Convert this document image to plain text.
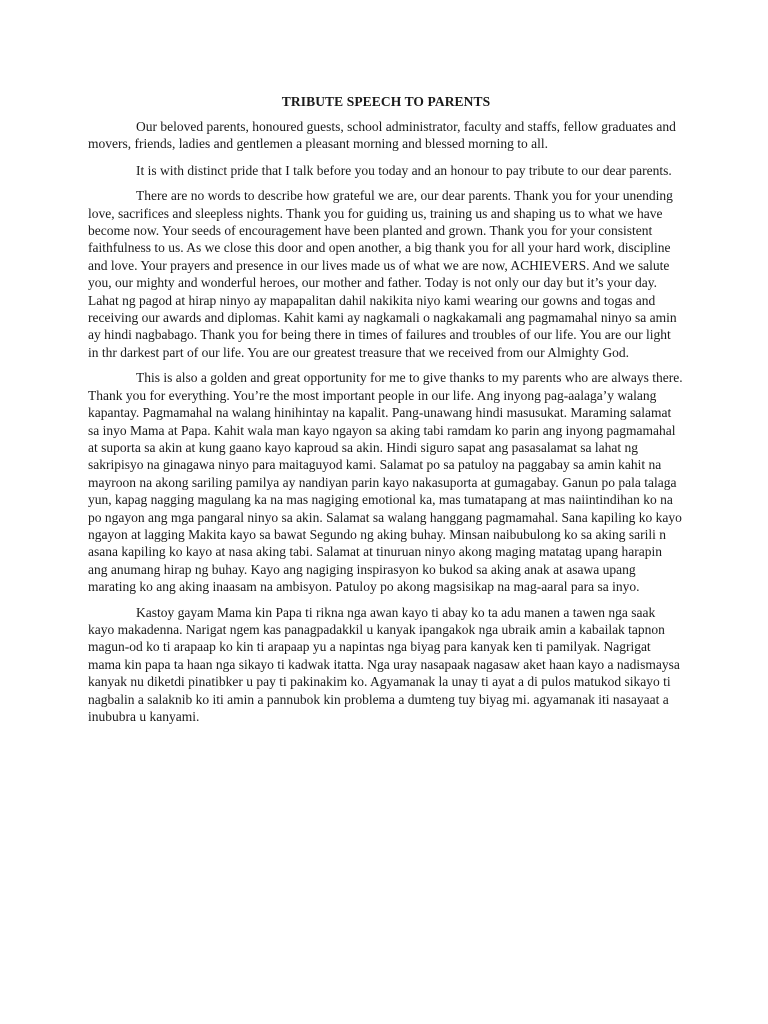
TRIBUTE SPEECH TO PARENTS

Our beloved parents, honoured guests, school administrator, faculty and staffs, fellow graduates and movers, friends, ladies and gentlemen a pleasant morning and blessed morning to all.

It is with distinct pride that I talk before you today and an honour to pay tribute to our dear parents.

There are no words to describe how grateful we are, our dear parents. Thank you for your unending love, sacrifices and sleepless nights. Thank you for guiding us, training us and shaping us to what we have become now. Your seeds of encouragement have been planted and grown. Thank you for your consistent faithfulness to us. As we close this door and open another, a big thank you for all your hard work, discipline and love. Your prayers and presence in our lives made us of what we are now, ACHIEVERS. And we salute you, our mighty and wonderful heroes, our mother and father. Today is not only our day but it’s your day. Lahat ng pagod at hirap ninyo ay mapapalitan dahil nakikita niyo kami wearing our gowns and togas and receiving our awards and diplomas. Kahit kami ay nagkamali o nagkakamali ang pagmamahal ninyo sa amin ay hindi nagbabago. Thank you for being there in times of failures and troubles of our life. You are our light in thr darkest part of our life. You are our greatest treasure that we received from our Almighty God.

This is also a golden and great opportunity for me to give thanks to my parents who are always there. Thank you for everything. You’re the most important people in our life. Ang inyong pag-aalaga’y walang kapantay. Pagmamahal na walang hinihintay na kapalit. Pang-unawang hindi masusukat. Maraming salamat sa inyo Mama at Papa. Kahit wala man kayo ngayon sa aking tabi ramdam ko parin ang inyong pagmamahal at suporta sa akin at kung gaano kayo kaproud sa akin. Hindi siguro sapat ang pasasalamat sa lahat ng sakripisyo na ginagawa ninyo para maitaguyod kami. Salamat po sa patuloy na paggabay sa amin kahit na mayroon na akong sariling pamilya ay nandiyan parin kayo nakasuporta at gumagabay. Ganun po pala talaga yun, kapag nagging magulang ka na mas nagiging emotional ka, mas tumatapang at mas naiintindihan ko na po ngayon ang mga pangaral ninyo sa akin. Salamat sa walang hanggang pagmamahal. Sana kapiling ko kayo ngayon at lagging Makita kayo sa bawat Segundo ng aking buhay. Minsan naibubulong ko sa aking sarili n asana kapiling ko kayo at nasa aking tabi. Salamat at tinuruan ninyo akong maging matatag upang harapin ang anumang hirap ng buhay. Kayo ang nagiging inspirasyon ko bukod sa aking anak at asawa upang marating ko ang aking inaasam na ambisyon. Patuloy po akong magsisikap na mag-aaral para sa inyo.

Kastoy gayam Mama kin Papa ti rikna nga awan kayo ti abay ko ta adu manen a tawen nga saak kayo makadenna. Narigat ngem kas panagpadakkil u kanyak ipangakok nga ubraik amin a kabailak tapnon magun-od ko ti arapaap ko kin ti arapaap yu a napintas nga biyag para kanyak ken ti pamilyak. Nagrigat mama kin papa ta haan nga sikayo ti kadwak itatta. Nga uray nasapaak nagasaw aket haan kayo a nadismaysa kanyak nu diketdi pinatibker u pay ti pakinakim ko. Agyamanak la unay ti ayat a di pulos matukod sikayo ti nagbalin a salaknib ko iti amin a pannubok kin problema a dumteng tuy biyag mi. agyamanak iti nasayaat a inububra u kanyami.
